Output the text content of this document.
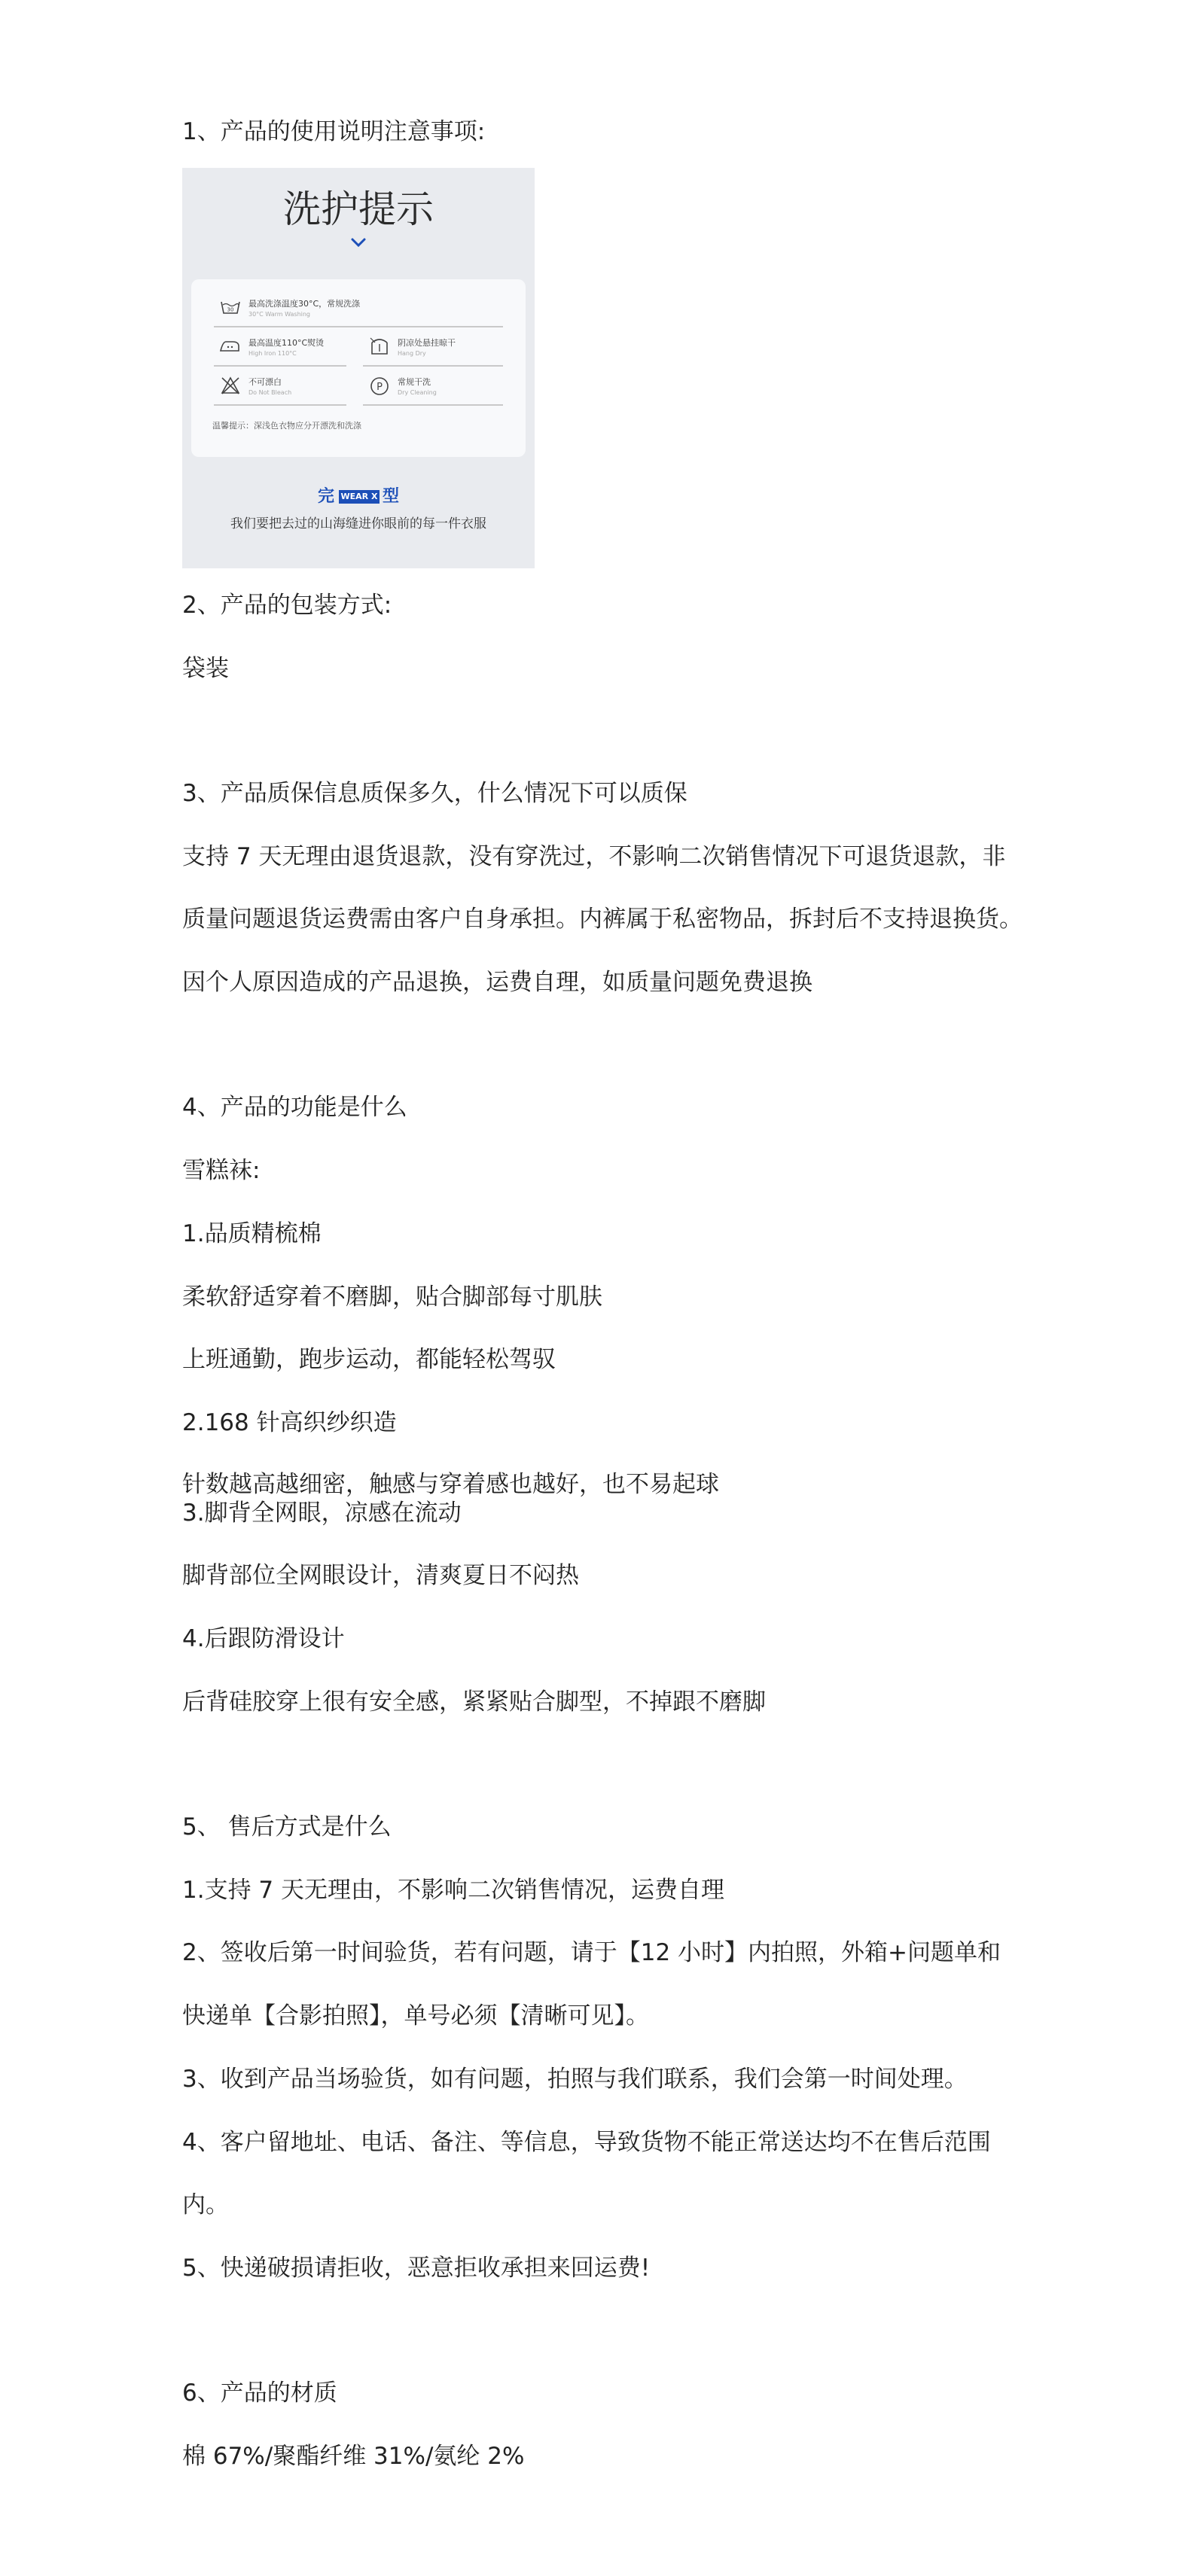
1、产品的使用说明注意事项:

洗护提示
30
最高洗涤温度30°C，常规洗涤
30°C Warm Washing
最高温度110°C熨烫
High Iron 110°C
阴凉处悬挂晾干
Hang Dry
不可漂白
Do Not Bleach	P 常规干洗
Dry Cleaning
温馨提示：深浅色衣物应分开漂洗和洗涤
完 WEAR X 型
我们要把去过的山海缝进你眼前的每一件衣服

2、产品的包装方式:

袋装

3、产品质保信息质保多久，什么情况下可以质保

支持 7 天无理由退货退款，没有穿洗过，不影响二次销售情况下可退货退款，非

质量问题退货运费需由客户自身承担。内裤属于私密物品，拆封后不支持退换货。

因个人原因造成的产品退换，运费自理，如质量问题免费退换

4、产品的功能是什么

雪糕袜:

1.品质精梳棉

柔软舒适穿着不磨脚，贴合脚部每寸肌肤

上班通勤，跑步运动，都能轻松驾驭

2.168 针高织纱织造

针数越高越细密，触感与穿着感也越好，也不易起球

3.脚背全网眼，凉感在流动

脚背部位全网眼设计，清爽夏日不闷热

4.后跟防滑设计

后背硅胶穿上很有安全感，紧紧贴合脚型，不掉跟不磨脚

5、 售后方式是什么

1.支持 7 天无理由，不影响二次销售情况，运费自理

2、签收后第一时间验货，若有问题，请于【12 小时】内拍照，外箱+问题单和

快递单【合影拍照】，单号必须【清晰可见】。

3、收到产品当场验货，如有问题，拍照与我们联系，我们会第一时间处理。

4、客户留地址、电话、备注、等信息，导致货物不能正常送达均不在售后范围

内。

5、快递破损请拒收，恶意拒收承担来回运费!

6、产品的材质

棉 67%/聚酯纤维 31%/氨纶 2%
